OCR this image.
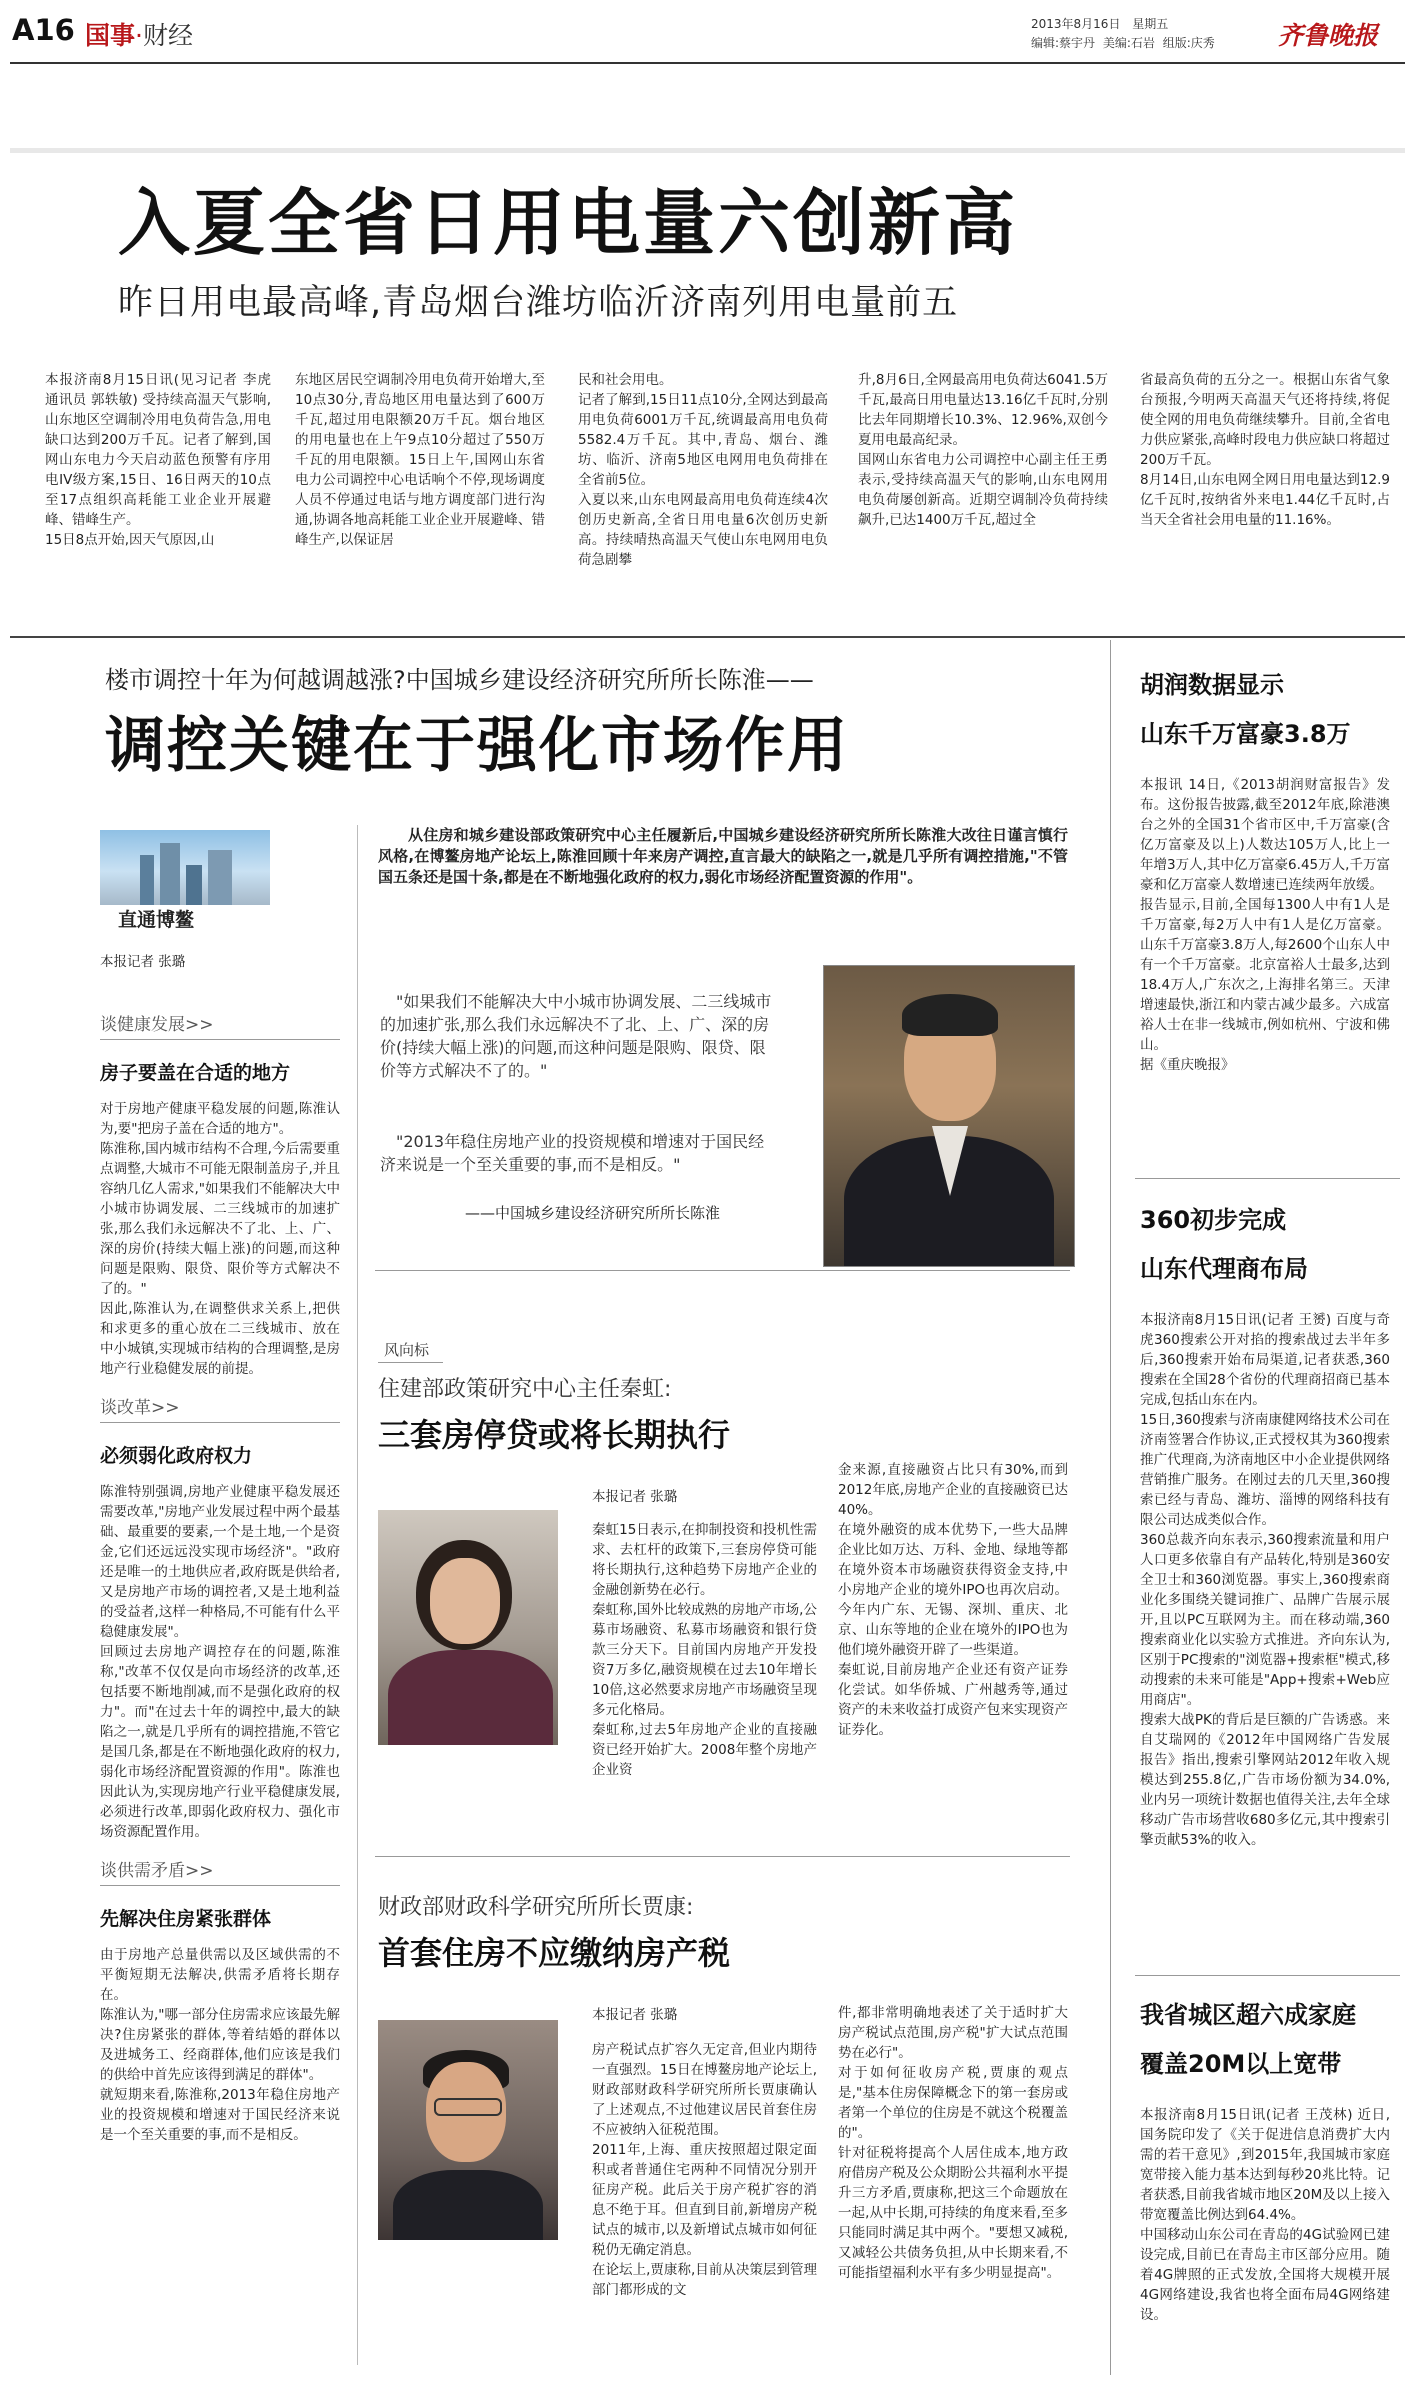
A16 国事·财经	2013年8月16日 星期五
编辑:蔡宇丹 美编:石岩 组版:庆秀	齐鲁晚报
入夏全省日用电量六创新高
昨日用电最高峰,青岛烟台潍坊临沂济南列用电量前五
本报济南8月15日讯(见习记者 李虎 通讯员 郭轶敏) 受持续高温天气影响,山东地区空调制冷用电负荷告急,用电缺口达到200万千瓦。记者了解到,国网山东电力今天启动蓝色预警有序用电IV级方案,15日、16日两天的10点至17点组织高耗能工业企业开展避峰、错峰生产。
15日8点开始,因天气原因,山
东地区居民空调制冷用电负荷开始增大,至10点30分,青岛地区用电量达到了600万千瓦,超过用电限额20万千瓦。烟台地区的用电量也在上午9点10分超过了550万千瓦的用电限额。15日上午,国网山东省电力公司调控中心电话响个不停,现场调度人员不停通过电话与地方调度部门进行沟通,协调各地高耗能工业企业开展避峰、错峰生产,以保证居
民和社会用电。
记者了解到,15日11点10分,全网达到最高用电负荷6001万千瓦,统调最高用电负荷5582.4万千瓦。其中,青岛、烟台、潍坊、临沂、济南5地区电网用电负荷排在全省前5位。
入夏以来,山东电网最高用电负荷连续4次创历史新高,全省日用电量6次创历史新高。持续晴热高温天气使山东电网用电负荷急剧攀
升,8月6日,全网最高用电负荷达6041.5万千瓦,最高日用电量达13.16亿千瓦时,分别比去年同期增长10.3%、12.96%,双创今夏用电最高纪录。
国网山东省电力公司调控中心副主任王勇表示,受持续高温天气的影响,山东电网用电负荷屡创新高。近期空调制冷负荷持续飙升,已达1400万千瓦,超过全
省最高负荷的五分之一。根据山东省气象台预报,今明两天高温天气还将持续,将促使全网的用电负荷继续攀升。目前,全省电力供应紧张,高峰时段电力供应缺口将超过200万千瓦。
8月14日,山东电网全网日用电量达到12.9亿千瓦时,按纳省外来电1.44亿千瓦时,占当天全省社会用电量的11.16%。
楼市调控十年为何越调越涨?中国城乡建设经济研究所所长陈淮——
调控关键在于强化市场作用
直通博鳌
本报记者 张璐
谈健康发展>>
房子要盖在合适的地方
对于房地产健康平稳发展的问题,陈淮认为,要"把房子盖在合适的地方"。
陈淮称,国内城市结构不合理,今后需要重点调整,大城市不可能无限制盖房子,并且容纳几亿人需求,"如果我们不能解决大中小城市协调发展、二三线城市的加速扩张,那么我们永远解决不了北、上、广、深的房价(持续大幅上涨)的问题,而这种问题是限购、限贷、限价等方式解决不了的。"
因此,陈淮认为,在调整供求关系上,把供和求更多的重心放在二三线城市、放在中小城镇,实现城市结构的合理调整,是房地产行业稳健发展的前提。
谈改革>>
必须弱化政府权力
陈淮特别强调,房地产业健康平稳发展还需要改革,"房地产业发展过程中两个最基础、最重要的要素,一个是土地,一个是资金,它们还远远没实现市场经济"。"政府还是唯一的土地供应者,政府既是供给者,又是房地产市场的调控者,又是土地利益的受益者,这样一种格局,不可能有什么平稳健康发展"。
回顾过去房地产调控存在的问题,陈淮称,"改革不仅仅是向市场经济的改革,还包括要不断地削减,而不是强化政府的权力"。而"在过去十年的调控中,最大的缺陷之一,就是几乎所有的调控措施,不管它是国几条,都是在不断地强化政府的权力,弱化市场经济配置资源的作用"。陈淮也因此认为,实现房地产行业平稳健康发展,必须进行改革,即弱化政府权力、强化市场资源配置作用。
谈供需矛盾>>
先解决住房紧张群体
由于房地产总量供需以及区域供需的不平衡短期无法解决,供需矛盾将长期存在。
陈淮认为,"哪一部分住房需求应该最先解决?住房紧张的群体,等着结婚的群体以及进城务工、经商群体,他们应该是我们的供给中首先应该得到满足的群体"。
就短期来看,陈淮称,2013年稳住房地产业的投资规模和增速对于国民经济来说是一个至关重要的事,而不是相反。
从住房和城乡建设部政策研究中心主任履新后,中国城乡建设经济研究所所长陈淮大改往日谨言慎行风格,在博鳌房地产论坛上,陈淮回顾十年来房产调控,直言最大的缺陷之一,就是几乎所有调控措施,"不管国五条还是国十条,都是在不断地强化政府的权力,弱化市场经济配置资源的作用"。
"如果我们不能解决大中小城市协调发展、二三线城市的加速扩张,那么我们永远解决不了北、上、广、深的房价(持续大幅上涨)的问题,而这种问题是限购、限贷、限价等方式解决不了的。"
"2013年稳住房地产业的投资规模和增速对于国民经济来说是一个至关重要的事,而不是相反。"
——中国城乡建设经济研究所所长陈淮
风向标
住建部政策研究中心主任秦虹:
三套房停贷或将长期执行
本报记者 张璐
秦虹15日表示,在抑制投资和投机性需求、去杠杆的政策下,三套房停贷可能将长期执行,这种趋势下房地产企业的金融创新势在必行。
秦虹称,国外比较成熟的房地产市场,公募市场融资、私募市场融资和银行贷款三分天下。目前国内房地产开发投资7万多亿,融资规模在过去10年增长10倍,这必然要求房地产市场融资呈现多元化格局。
秦虹称,过去5年房地产企业的直接融资已经开始扩大。2008年整个房地产企业资
金来源,直接融资占比只有30%,而到2012年底,房地产企业的直接融资已达40%。
在境外融资的成本优势下,一些大品牌企业比如万达、万科、金地、绿地等都在境外资本市场融资获得资金支持,中小房地产企业的境外IPO也再次启动。今年内广东、无锡、深圳、重庆、北京、山东等地的企业在境外的IPO也为他们境外融资开辟了一些渠道。
秦虹说,目前房地产企业还有资产证券化尝试。如华侨城、广州越秀等,通过资产的未来收益打成资产包来实现资产证券化。
财政部财政科学研究所所长贾康:
首套住房不应缴纳房产税
本报记者 张璐
房产税试点扩容久无定音,但业内期待一直强烈。15日在博鳌房地产论坛上,财政部财政科学研究所所长贾康确认了上述观点,不过他建议居民首套住房不应被纳入征税范围。
2011年,上海、重庆按照超过限定面积或者普通住宅两种不同情况分别开征房产税。此后关于房产税扩容的消息不绝于耳。但直到目前,新增房产税试点的城市,以及新增试点城市如何征税仍无确定消息。
在论坛上,贾康称,目前从决策层到管理部门都形成的文
件,都非常明确地表述了关于适时扩大房产税试点范围,房产税"扩大试点范围势在必行"。
对于如何征收房产税,贾康的观点是,"基本住房保障概念下的第一套房或者第一个单位的住房是不就这个税覆盖的"。
针对征税将提高个人居住成本,地方政府借房产税及公众期盼公共福利水平提升三方矛盾,贾康称,把这三个命题放在一起,从中长期,可持续的角度来看,至多只能同时满足其中两个。"要想又减税,又减轻公共债务负担,从中长期来看,不可能指望福利水平有多少明显提高"。
胡润数据显示
山东千万富豪3.8万
本报讯 14日,《2013胡润财富报告》发布。这份报告披露,截至2012年底,除港澳台之外的全国31个省市区中,千万富豪(含亿万富豪及以上)人数达105万人,比上一年增3万人,其中亿万富豪6.45万人,千万富豪和亿万富豪人数增速已连续两年放缓。
报告显示,目前,全国每1300人中有1人是千万富豪,每2万人中有1人是亿万富豪。山东千万富豪3.8万人,每2600个山东人中有一个千万富豪。北京富裕人士最多,达到18.4万人,广东次之,上海排名第三。天津增速最快,浙江和内蒙古减少最多。六成富裕人士在非一线城市,例如杭州、宁波和佛山。
据《重庆晚报》
360初步完成
山东代理商布局
本报济南8月15日讯(记者 王赟) 百度与奇虎360搜索公开对掐的搜索战过去半年多后,360搜索开始布局渠道,记者获悉,360搜索在全国28个省份的代理商招商已基本完成,包括山东在内。
15日,360搜索与济南康健网络技术公司在济南签署合作协议,正式授权其为360搜索推广代理商,为济南地区中小企业提供网络营销推广服务。在刚过去的几天里,360搜索已经与青岛、潍坊、淄博的网络科技有限公司达成类似合作。
360总裁齐向东表示,360搜索流量和用户人口更多依靠自有产品转化,特别是360安全卫士和360浏览器。事实上,360搜索商业化多围绕关键词推广、品牌广告展示展开,且以PC互联网为主。而在移动端,360搜索商业化以实验方式推进。齐向东认为,区别于PC搜索的"浏览器+搜索框"模式,移动搜索的未来可能是"App+搜索+Web应用商店"。
搜索大战PK的背后是巨额的广告诱惑。来自艾瑞网的《2012年中国网络广告发展报告》指出,搜索引擎网站2012年收入规模达到255.8亿,广告市场份额为34.0%,业内另一项统计数据也值得关注,去年全球移动广告市场营收680多亿元,其中搜索引擎贡献53%的收入。
我省城区超六成家庭
覆盖20M以上宽带
本报济南8月15日讯(记者 王茂林) 近日,国务院印发了《关于促进信息消费扩大内需的若干意见》,到2015年,我国城市家庭宽带接入能力基本达到每秒20兆比特。记者获悉,目前我省城市地区20M及以上接入带宽覆盖比例达到64.4%。
中国移动山东公司在青岛的4G试验网已建设完成,目前已在青岛主市区部分应用。随着4G牌照的正式发放,全国将大规模开展4G网络建设,我省也将全面布局4G网络建设。
